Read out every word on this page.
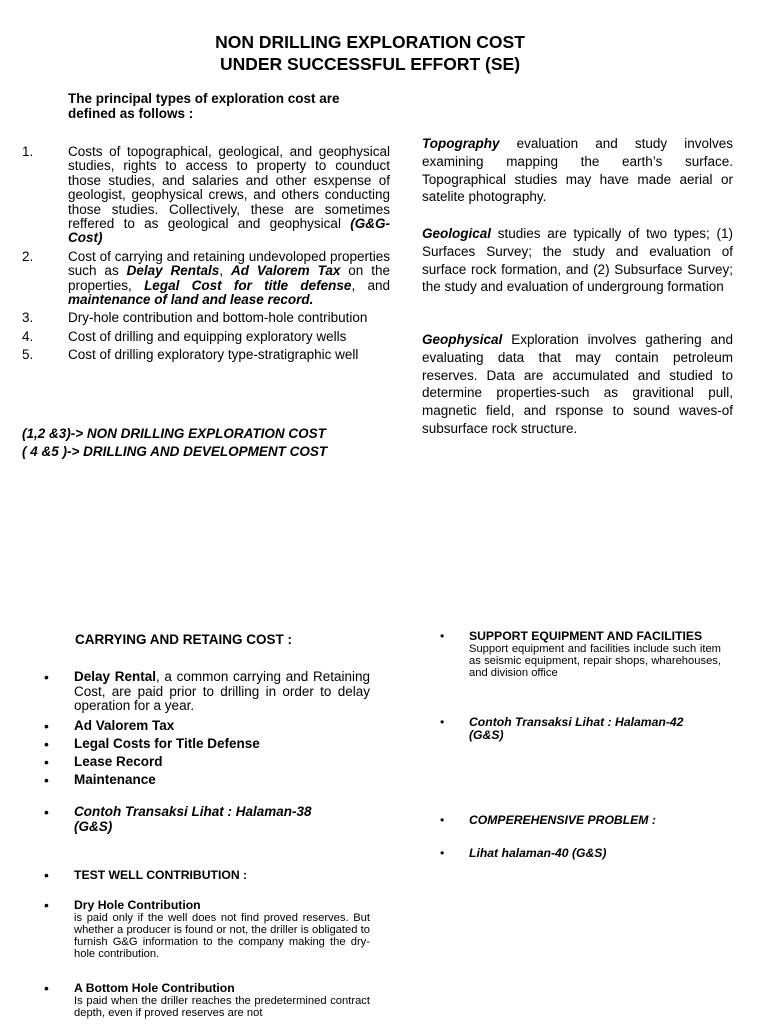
NON DRILLING EXPLORATION COST
UNDER SUCCESSFUL EFFORT (SE)
The principal types of exploration cost are
defined as follows :
1.	Costs of topographical, geological, and geophysical studies, rights to access to property to counduct those studies, and salaries and other esxpense of geologist, geophysical crews, and others conducting those studies. Collectively, these are sometimes reffered to as geological and geophysical (G&G-Cost)
2.	Cost of carrying and retaining undevoloped properties such as Delay Rentals, Ad Valorem Tax on the properties, Legal Cost for title defense, and maintenance of land and lease record.
3.	Dry-hole contribution and bottom-hole contribution
4.	Cost of drilling and equipping exploratory wells
5.	Cost of drilling exploratory type-stratigraphic well
(1,2 &3)-> NON DRILLING EXPLORATION COST
( 4 &5 )-> DRILLING AND DEVELOPMENT COST
Topography evaluation and study involves examining mapping the earth’s surface. Topographical studies may have made aerial or satelite photography.
Geological studies are typically of two types; (1) Surfaces Survey; the study and evaluation of surface rock formation, and (2) Subsurface Survey; the study and evaluation of undergroung formation
Geophysical Exploration involves gathering and evaluating data that may contain petroleum reserves. Data are accumulated and studied to determine properties-such as gravitional pull, magnetic field, and rsponse to sound waves-of subsurface rock structure.
CARRYING AND RETAING COST :
• Delay Rental, a common carrying and Retaining Cost, are paid prior to drilling in order to delay operation for a year.
• Ad Valorem Tax
• Legal Costs for Title Defense
• Lease Record
• Maintenance
• Contoh Transaksi Lihat : Halaman-38 (G&S)
• TEST WELL CONTRIBUTION :
• Dry Hole Contribution
is paid only if the well does not find proved reserves. But whether a producer is found or not, the driller is obligated to furnish G&G information to the company making the dry-hole contribution.
• A Bottom Hole Contribution
Is paid when the driller reaches the predetermined contract depth, even if proved reserves are not
• SUPPORT EQUIPMENT AND FACILITIES
Support equipment and facilities include such item as seismic equipment, repair shops, wharehouses, and division office
• Contoh Transaksi Lihat : Halaman-42 (G&S)
• COMPEREHENSIVE PROBLEM :
• Lihat halaman-40 (G&S)
